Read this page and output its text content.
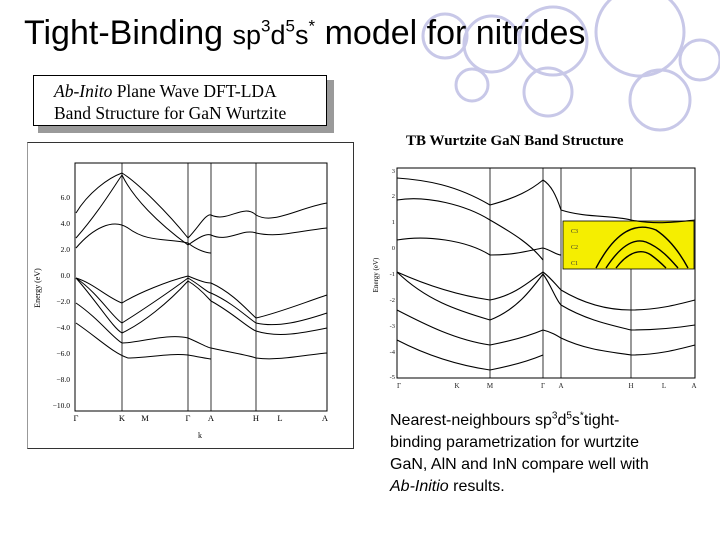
Tight-Binding $sp^3d^5s^*$ model for nitrides
Ab-Inito Plane Wave DFT-LDA
Band Structure for GaN Wurtzite
6.0
4.0
2.0
0.0
−2.0
−4.0
−6.0
−8.0
−10.0
Energy (eV)
Γ	K M	Γ A	H L	A
k
TB Wurtzite GaN Band Structure
3
2
1
0
-1
-2
-3
-4
-5
Energy (eV)
C3
C2
C1
Γ	K	M	Γ A	H	L	A
Nearest-neighbours $sp^3d^5s^*tight-$
binding parametrization for wurtzite
GaN, AlN and InN compare well with
Ab-Initio results.
